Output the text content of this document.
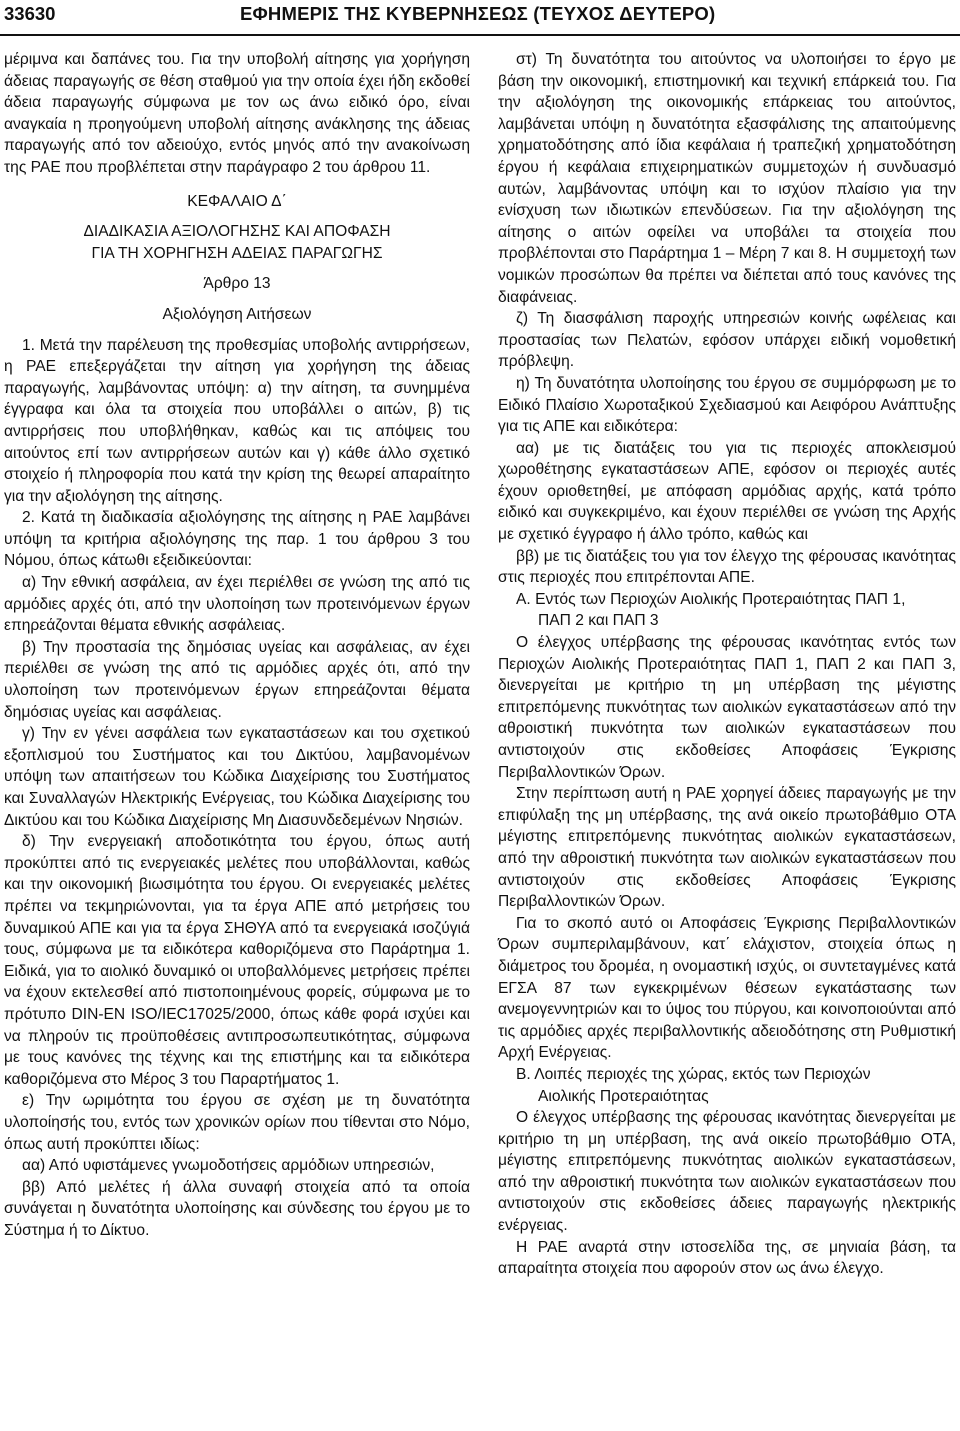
33630	ΕΦΗΜΕΡΙΣ ΤΗΣ ΚΥΒΕΡΝΗΣΕΩΣ (ΤΕΥΧΟΣ ΔΕΥΤΕΡΟ)

μέριμνα και δαπάνες του. Για την υποβολή αίτησης για χορήγηση άδειας παραγωγής σε θέση σταθμού για την οποία έχει ήδη εκδοθεί άδεια παραγωγής σύμφωνα με τον ως άνω ειδικό όρο, είναι αναγκαία η προηγούμενη υποβολή αίτησης ανάκλησης της άδειας παραγωγής από τον αδειούχο, εντός μηνός από την ανακοίνωση της ΡΑΕ που προβλέπεται στην παράγραφο 2 του άρθρου 11.

ΚΕΦΑΛΑΙΟ Δ΄

ΔΙΑΔΙΚΑΣΙΑ ΑΞΙΟΛΟΓΗΣΗΣ ΚΑΙ ΑΠΟΦΑΣΗ

ΓΙΑ ΤΗ ΧΟΡΗΓΗΣΗ ΑΔΕΙΑΣ ΠΑΡΑΓΩΓΗΣ

Άρθρο 13

Αξιολόγηση Αιτήσεων

1. Μετά την παρέλευση της προθεσμίας υποβολής αντιρρήσεων, η ΡΑΕ επεξεργάζεται την αίτηση για χορήγηση της άδειας παραγωγής, λαμβάνοντας υπόψη: α) την αίτηση, τα συνημμένα έγγραφα και όλα τα στοιχεία που υποβάλλει ο αιτών, β) τις αντιρρήσεις που υποβλήθηκαν, καθώς και τις απόψεις του αιτούντος επί των αντιρρήσεων αυτών και γ) κάθε άλλο σχετικό στοιχείο ή πληροφορία που κατά την κρίση της θεωρεί απαραίτητο για την αξιολόγηση της αίτησης.

2. Κατά τη διαδικασία αξιολόγησης της αίτησης η ΡΑΕ λαμβάνει υπόψη τα κριτήρια αξιολόγησης της παρ. 1 του άρθρου 3 του Νόμου, όπως κάτωθι εξειδικεύονται:

α) Την εθνική ασφάλεια, αν έχει περιέλθει σε γνώση της από τις αρμόδιες αρχές ότι, από την υλοποίηση των προτεινόμενων έργων επηρεάζονται θέματα εθνικής ασφάλειας.

β) Την προστασία της δημόσιας υγείας και ασφάλειας, αν έχει περιέλθει σε γνώση της από τις αρμόδιες αρχές ότι, από την υλοποίηση των προτεινόμενων έργων επηρεάζονται θέματα δημόσιας υγείας και ασφάλειας.

γ) Την εν γένει ασφάλεια των εγκαταστάσεων και του σχετικού εξοπλισμού του Συστήματος και του Δικτύου, λαμβανομένων υπόψη των απαιτήσεων του Κώδικα Διαχείρισης του Συστήματος και Συναλλαγών Ηλεκτρικής Ενέργειας, του Κώδικα Διαχείρισης του Δικτύου και του Κώδικα Διαχείρισης Μη Διασυνδεδεμένων Νησιών.

δ) Την ενεργειακή αποδοτικότητα του έργου, όπως αυτή προκύπτει από τις ενεργειακές μελέτες που υποβάλλονται, καθώς και την οικονομική βιωσιμότητα του έργου. Οι ενεργειακές μελέτες πρέπει να τεκμηριώνονται, για τα έργα ΑΠΕ από μετρήσεις του δυναμικού ΑΠΕ και για τα έργα ΣΗΘΥΑ από τα ενεργειακά ισοζύγιά τους, σύμφωνα με τα ειδικότερα καθοριζόμενα στο Παράρτημα 1. Ειδικά, για το αιολικό δυναμικό οι υποβαλλόμενες μετρήσεις πρέπει να έχουν εκτελεσθεί από πιστοποιημένους φορείς, σύμφωνα με το πρότυπο DIN-EN ISO/IEC17025/2000, όπως κάθε φορά ισχύει και να πληρούν τις προϋποθέσεις αντιπροσωπευτικότητας, σύμφωνα με τους κανόνες της τέχνης και της επιστήμης και τα ειδικότερα καθοριζόμενα στο Μέρος 3 του Παραρτήματος 1.

ε) Την ωριμότητα του έργου σε σχέση με τη δυνατότητα υλοποίησής του, εντός των χρονικών ορίων που τίθενται στο Νόμο, όπως αυτή προκύπτει ιδίως:

αα) Από υφιστάμενες γνωμοδοτήσεις αρμόδιων υπηρεσιών,

ββ) Από μελέτες ή άλλα συναφή στοιχεία από τα οποία συνάγεται η δυνατότητα υλοποίησης και σύνδεσης του έργου με το Σύστημα ή το Δίκτυο.

στ) Τη δυνατότητα του αιτούντος να υλοποιήσει το έργο με βάση την οικονομική, επιστημονική και τεχνική επάρκειά του. Για την αξιολόγηση της οικονομικής επάρκειας του αιτούντος, λαμβάνεται υπόψη η δυνατότητα εξασφάλισης της απαιτούμενης χρηματοδότησης από ίδια κεφάλαια ή τραπεζική χρηματοδότηση έργου ή κεφάλαια επιχειρηματικών συμμετοχών ή συνδυασμό αυτών, λαμβάνοντας υπόψη και το ισχύον πλαίσιο για την ενίσχυση των ιδιωτικών επενδύσεων. Για την αξιολόγηση της αίτησης ο αιτών οφείλει να υποβάλει τα στοιχεία που προβλέπονται στο Παράρτημα 1 – Μέρη 7 και 8. Η συμμετοχή των νομικών προσώπων θα πρέπει να διέπεται από τους κανόνες της διαφάνειας.

ζ) Τη διασφάλιση παροχής υπηρεσιών κοινής ωφέλειας και προστασίας των Πελατών, εφόσον υπάρχει ειδική νομοθετική πρόβλεψη.

η) Τη δυνατότητα υλοποίησης του έργου σε συμμόρφωση με το Ειδικό Πλαίσιο Χωροταξικού Σχεδιασμού και Αειφόρου Ανάπτυξης για τις ΑΠΕ και ειδικότερα:

αα) με τις διατάξεις του για τις περιοχές αποκλεισμού χωροθέτησης εγκαταστάσεων ΑΠΕ, εφόσον οι περιοχές αυτές έχουν οριοθετηθεί, με απόφαση αρμόδιας αρχής, κατά τρόπο ειδικό και συγκεκριμένο, και έχουν περιέλθει σε γνώση της Αρχής με σχετικό έγγραφο ή άλλο τρόπο, καθώς και

ββ) με τις διατάξεις του για τον έλεγχο της φέρουσας ικανότητας στις περιοχές που επιτρέπονται ΑΠΕ.

Α. Εντός των Περιοχών Αιολικής Προτεραιότητας ΠΑΠ 1,

ΠΑΠ 2 και ΠΑΠ 3

Ο έλεγχος υπέρβασης της φέρουσας ικανότητας εντός των Περιοχών Αιολικής Προτεραιότητας ΠΑΠ 1, ΠΑΠ 2 και ΠΑΠ 3, διενεργείται με κριτήριο τη μη υπέρβαση της μέγιστης επιτρεπόμενης πυκνότητας των αιολικών εγκαταστάσεων από την αθροιστική πυκνότητα των αιολικών εγκαταστάσεων που αντιστοιχούν στις εκδοθείσες Αποφάσεις Έγκρισης Περιβαλλοντικών Όρων.

Στην περίπτωση αυτή η ΡΑΕ χορηγεί άδειες παραγωγής με την επιφύλαξη της μη υπέρβασης, της ανά οικείο πρωτοβάθμιο ΟΤΑ μέγιστης επιτρεπόμενης πυκνότητας αιολικών εγκαταστάσεων, από την αθροιστική πυκνότητα των αιολικών εγκαταστάσεων που αντιστοιχούν στις εκδοθείσες Αποφάσεις Έγκρισης Περιβαλλοντικών Όρων.

Για το σκοπό αυτό οι Αποφάσεις Έγκρισης Περιβαλλοντικών Όρων συμπεριλαμβάνουν, κατ΄ ελάχιστον, στοιχεία όπως η διάμετρος του δρομέα, η ονομαστική ισχύς, οι συντεταγμένες κατά ΕΓΣΑ 87 των εγκεκριμένων θέσεων εγκατάστασης των ανεμογεννητριών και το ύψος του πύργου, και κοινοποιούνται από τις αρμόδιες αρχές περιβαλλοντικής αδειοδότησης στη Ρυθμιστική Αρχή Ενέργειας.

Β. Λοιπές περιοχές της χώρας, εκτός των Περιοχών

Αιολικής Προτεραιότητας

Ο έλεγχος υπέρβασης της φέρουσας ικανότητας διενεργείται με κριτήριο τη μη υπέρβαση, της ανά οικείο πρωτοβάθμιο ΟΤΑ, μέγιστης επιτρεπόμενης πυκνότητας αιολικών εγκαταστάσεων, από την αθροιστική πυκνότητα των αιολικών εγκαταστάσεων που αντιστοιχούν στις εκδοθείσες άδειες παραγωγής ηλεκτρικής ενέργειας.

Η ΡΑΕ αναρτά στην ιστοσελίδα της, σε μηνιαία βάση, τα απαραίτητα στοιχεία που αφορούν στον ως άνω έλεγχο.
